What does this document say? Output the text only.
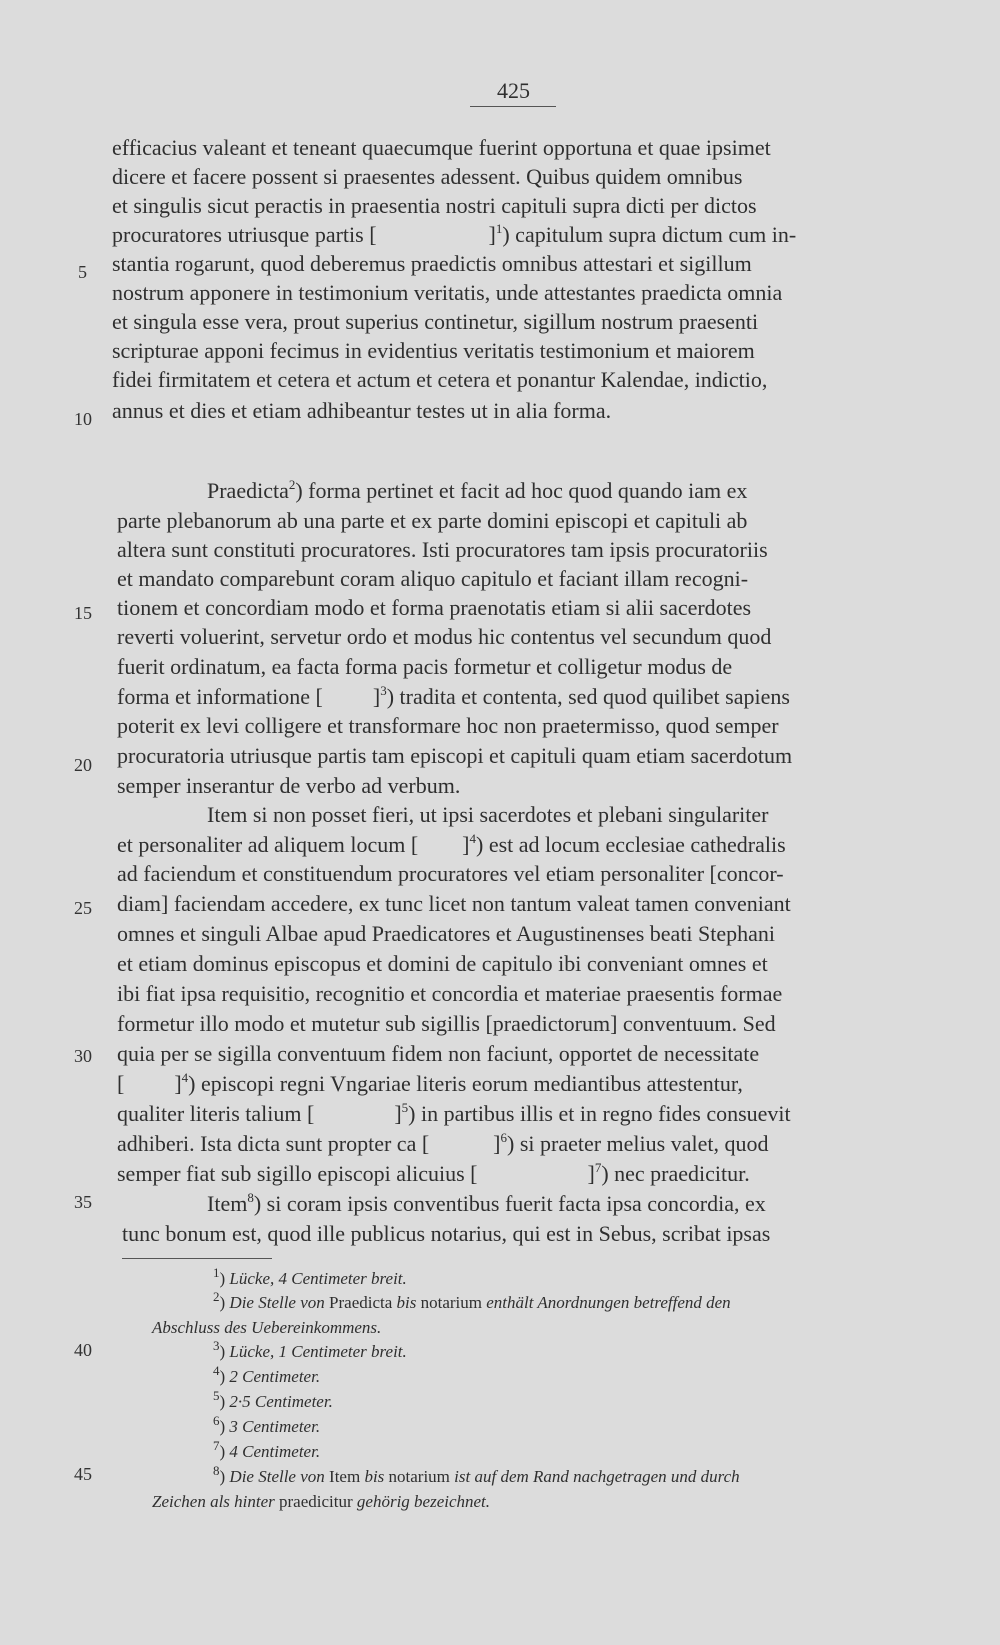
425
5
10
15
20
25
30
35
40
45
efficacius valeant et teneant quaecumque fuerint opportuna et quae ipsimet
dicere et facere possent si praesentes adessent. Quibus quidem omnibus
et singulis sicut peractis in praesentia nostri capituli supra dicti per dictos
procuratores utriusque partis [	]$^1$) capitulum supra dictum cum in-
stantia rogarunt, quod deberemus praedictis omnibus attestari et sigillum
nostrum apponere in testimonium veritatis, unde attestantes praedicta omnia
et singula esse vera, prout superius continetur, sigillum nostrum praesenti
scripturae apponi fecimus in evidentius veritatis testimonium et maiorem
fidei firmitatem et cetera et actum et cetera et ponantur Kalendae, indictio,
annus et dies et etiam adhibeantur testes ut in alia forma.
Praedicta$^2$) forma pertinet et facit ad hoc quod quando iam ex
parte plebanorum ab una parte et ex parte domini episcopi et capituli ab
altera sunt constituti procuratores. Isti procuratores tam ipsis procuratoriis
et mandato comparebunt coram aliquo capitulo et faciant illam recogni-
tionem et concordiam modo et forma praenotatis etiam si alii sacerdotes
reverti voluerint, servetur ordo et modus hic contentus vel secundum quod
fuerit ordinatum, ea facta forma pacis formetur et colligetur modus de
forma et informatione [ ]$^3$) tradita et contenta, sed quod quilibet sapiens
poterit ex levi colligere et transformare hoc non praetermisso, quod semper
procuratoria utriusque partis tam episcopi et capituli quam etiam sacerdotum
semper inserantur de verbo ad verbum.
Item si non posset fieri, ut ipsi sacerdotes et plebani singulariter
et personaliter ad aliquem locum [ ]$^4$) est ad locum ecclesiae cathedralis
ad faciendum et constituendum procuratores vel etiam personaliter [concor-
diam] faciendam accedere, ex tunc licet non tantum valeat tamen conveniant
omnes et singuli Albae apud Praedicatores et Augustinenses beati Stephani
et etiam dominus episcopus et domini de capitulo ibi conveniant omnes et
ibi fiat ipsa requisitio, recognitio et concordia et materiae praesentis formae
formetur illo modo et mutetur sub sigillis [praedictorum] conventuum. Sed
quia per se sigilla conventuum fidem non faciunt, opportet de necessitate
[ ]$^4$) episcopi regni Vngariae literis eorum mediantibus attestentur,
qualiter literis talium [	]$^5$) in partibus illis et in regno fides consuevit
adhiberi. Ista dicta sunt propter ca [	]$^6$) si praeter melius valet, quod
semper fiat sub sigillo episcopi alicuius [	]$^7$) nec praedicitur.
Item$^8$) si coram ipsis conventibus fuerit facta ipsa concordia, ex
tunc bonum est, quod ille publicus notarius, qui est in Sebus, scribat ipsas
$^1$) Lücke, 4 Centimeter breit.
$^2$) Die Stelle von Praedicta bis notarium enthält Anordnungen betreffend den
Abschluss des Uebereinkommens.
$^3$) Lücke, 1 Centimeter breit.
$^4$) 2 Centimeter.
$^5$) 2·5 Centimeter.
$^6$) 3 Centimeter.
$^7$) 4 Centimeter.
$^8$) Die Stelle von Item bis notarium ist auf dem Rand nachgetragen und durch
Zeichen als hinter praedicitur gehörig bezeichnet.
